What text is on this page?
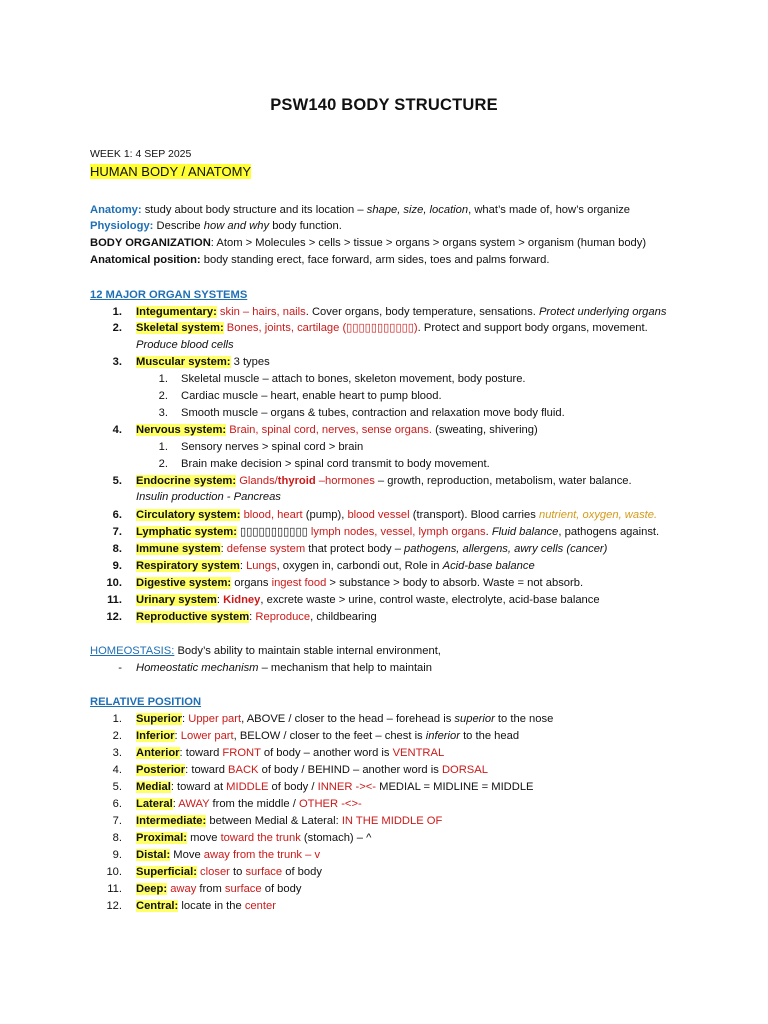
PSW140 BODY STRUCTURE
WEEK 1: 4 SEP 2025
HUMAN BODY / ANATOMY
Anatomy: study about body structure and its location – shape, size, location, what’s made of, how’s organize
Physiology: Describe how and why body function.
BODY ORGANIZATION: Atom > Molecules > cells > tissue > organs > organs system > organism (human body)
Anatomical position: body standing erect, face forward, arm sides, toes and palms forward.
12 MAJOR ORGAN SYSTEMS
1. Integumentary: skin – hairs, nails. Cover organs, body temperature, sensations. Protect underlying organs
2. Skeletal system: Bones, joints, cartilage (▯▯▯▯▯▯▯▯▯▯▯). Protect and support body organs, movement.
Produce blood cells
3. Muscular system: 3 types
1. Skeletal muscle – attach to bones, skeleton movement, body posture.
2. Cardiac muscle – heart, enable heart to pump blood.
3. Smooth muscle – organs & tubes, contraction and relaxation move body fluid.
4. Nervous system: Brain, spinal cord, nerves, sense organs. (sweating, shivering)
1. Sensory nerves > spinal cord > brain
2. Brain make decision > spinal cord transmit to body movement.
5. Endocrine system: Glands/thyroid –hormones – growth, reproduction, metabolism, water balance.
Insulin production - Pancreas
6. Circulatory system: blood, heart (pump), blood vessel (transport). Blood carries nutrient, oxygen, waste.
7. Lymphatic system: ▯▯▯▯▯▯▯▯▯▯▯ lymph nodes, vessel, lymph organs. Fluid balance, pathogens against.
8. Immune system: defense system that protect body – pathogens, allergens, awry cells (cancer)
9. Respiratory system: Lungs, oxygen in, carbondi out, Role in Acid-base balance
10. Digestive system: organs ingest food > substance > body to absorb. Waste = not absorb.
11. Urinary system: Kidney, excrete waste > urine, control waste, electrolyte, acid-base balance
12. Reproductive system: Reproduce, childbearing
HOMEOSTASIS: Body’s ability to maintain stable internal environment,
- Homeostatic mechanism – mechanism that help to maintain
RELATIVE POSITION
1. Superior: Upper part, ABOVE / closer to the head – forehead is superior to the nose
2. Inferior: Lower part, BELOW / closer to the feet – chest is inferior to the head
3. Anterior: toward FRONT of body – another word is VENTRAL
4. Posterior: toward BACK of body / BEHIND – another word is DORSAL
5. Medial: toward at MIDDLE of body / INNER -><- MEDIAL = MIDLINE = MIDDLE
6. Lateral: AWAY from the middle / OTHER -<>-
7. Intermediate: between Medial & Lateral: IN THE MIDDLE OF
8. Proximal: move toward the trunk (stomach) – ^
9. Distal: Move away from the trunk – v
10. Superficial: closer to surface of body
11. Deep: away from surface of body
12. Central: locate in the center
